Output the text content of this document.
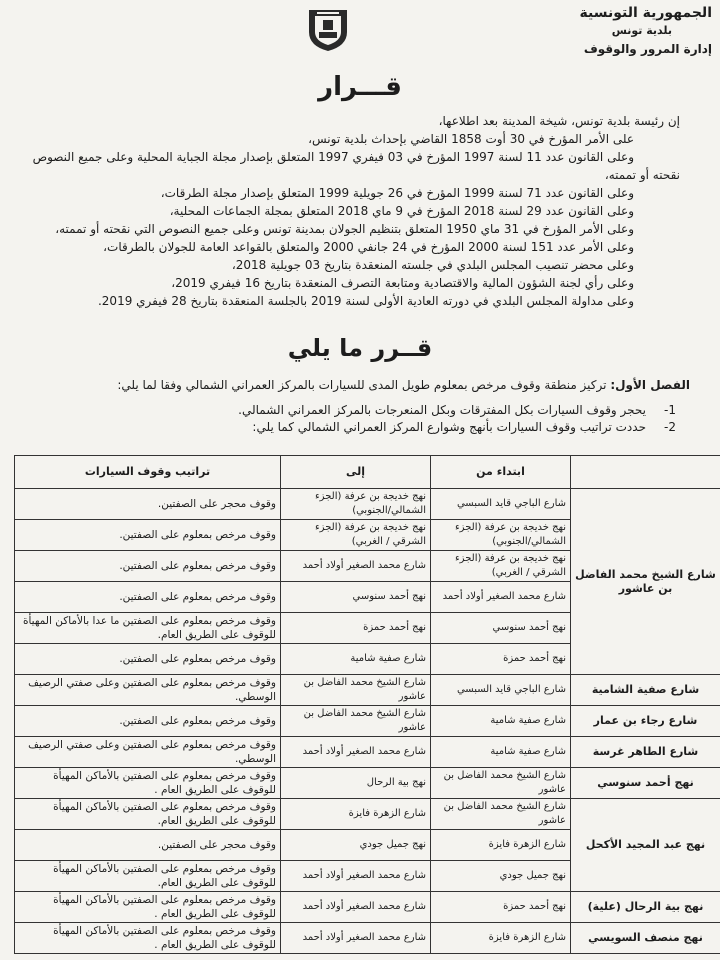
الجمهورية التونسية
بلدية تونس
إدارة المرور والوقوف
قـــرار

إن رئيسة بلدية تونس، شيخة المدينة بعد اطلاعها،

على الأمر المؤرخ في 30 أوت 1858 القاضي بإحداث بلدية تونس،

وعلى القانون عدد 11 لسنة 1997 المؤرخ في 03 فيفري 1997 المتعلق بإصدار مجلة الجباية المحلية وعلى جميع النصوص

نقحته أو تممته،

وعلى القانون عدد 71 لسنة 1999 المؤرخ في 26 جويلية 1999 المتعلق بإصدار مجلة الطرقات،

وعلى القانون عدد 29 لسنة 2018 المؤرخ في 9 ماي 2018 المتعلق بمجلة الجماعات المحلية،

وعلى الأمر المؤرخ في 31 ماي 1950 المتعلق بتنظيم الجولان بمدينة تونس وعلى جميع النصوص التي نقحته أو تممته،

وعلى الأمر عدد 151 لسنة 2000 المؤرخ في 24 جانفي 2000 والمتعلق بالقواعد العامة للجولان بالطرقات،

وعلى محضر تنصيب المجلس البلدي في جلسته المنعقدة بتاريخ 03 جويلية 2018،

وعلى رأي لجنة الشؤون المالية والاقتصادية ومتابعة التصرف المنعقدة بتاريخ 16 فيفري 2019،

وعلى مداولة المجلس البلدي في دورته العادية الأولى لسنة 2019 بالجلسة المنعقدة بتاريخ 28 فيفري 2019.

قــرر ما يلي
الفصل الأول: تركيز منطقة وقوف مرخص بمعلوم طويل المدى للسيارات بالمركز العمراني الشمالي وفقا لما يلي:
1-
يحجر وقوف السيارات بكل المفترقات وبكل المنعرجات بالمركز العمراني الشمالي.
2-
حددت تراتيب وقوف السيارات بأنهج وشوارع المركز العمراني الشمالي كما يلي:
	ابتداء من	إلى	تراتيب وقوف السيارات
شارع الشيخ محمد الفاضل بن عاشور	شارع الباجي قايد السبسي	نهج خديجة بن عرفة (الجزء الشمالي/الجنوبي)	وقوف محجر على الصفتين.
	نهج خديجة بن عرفة (الجزء الشمالي/الجنوبي)	نهج خديجة بن عرفة (الجزء الشرقي / الغربي)	وقوف مرخص بمعلوم على الصفتين.
	نهج خديجة بن عرفة (الجزء الشرقي / الغربي)	شارع محمد الصغير أولاد أحمد	وقوف مرخص بمعلوم على الصفتين.
	شارع محمد الصغير أولاد أحمد	نهج أحمد سنوسي	وقوف مرخص بمعلوم على الصفتين.
	نهج أحمد سنوسي	نهج أحمد حمزة	وقوف مرخص بمعلوم على الصفتين ما عدا بالأماكن المهيأة للوقوف على الطريق العام.
	نهج أحمد حمزة	شارع صفية شامية	وقوف مرخص بمعلوم على الصفتين.
شارع صفية الشامية	شارع الباجي قايد السبسي	شارع الشيخ محمد الفاضل بن عاشور	وقوف مرخص بمعلوم على الصفتين وعلى صفتي الرصيف الوسطي.
شارع رجاء بن عمار	شارع صفية شامية	شارع الشيخ محمد الفاضل بن عاشور	وقوف مرخص بمعلوم على الصفتين.
شارع الطاهر غرسة	شارع صفية شامية	شارع محمد الصغير أولاد أحمد	وقوف مرخص بمعلوم على الصفتين وعلى صفتي الرصيف الوسطي.
نهج أحمد سنوسي	شارع الشيخ محمد الفاضل بن عاشور	نهج بية الرحال	وقوف مرخص بمعلوم على الصفتين بالأماكن المهيأة للوقوف على الطريق العام .
نهج عبد المجيد الأكحل	شارع الشيخ محمد الفاضل بن عاشور	شارع الزهرة فايزة	وقوف مرخص بمعلوم على الصفتين بالأماكن المهيأة للوقوف على الطريق العام.
	شارع الزهرة فايزة	نهج جميل جودي	وقوف محجر على الصفتين.
	نهج جميل جودي	شارع محمد الصغير أولاد أحمد	وقوف مرخص بمعلوم على الصفتين بالأماكن المهيأة للوقوف على الطريق العام.
نهج بية الرحال (علية)	نهج أحمد حمزة	شارع محمد الصغير أولاد أحمد	وقوف مرخص بمعلوم على الصفتين بالأماكن المهيأة للوقوف على الطريق العام .
نهج منصف السويسي	شارع الزهرة فايزة	شارع محمد الصغير أولاد أحمد	وقوف مرخص بمعلوم على الصفتين بالأماكن المهيأة للوقوف على الطريق العام .
